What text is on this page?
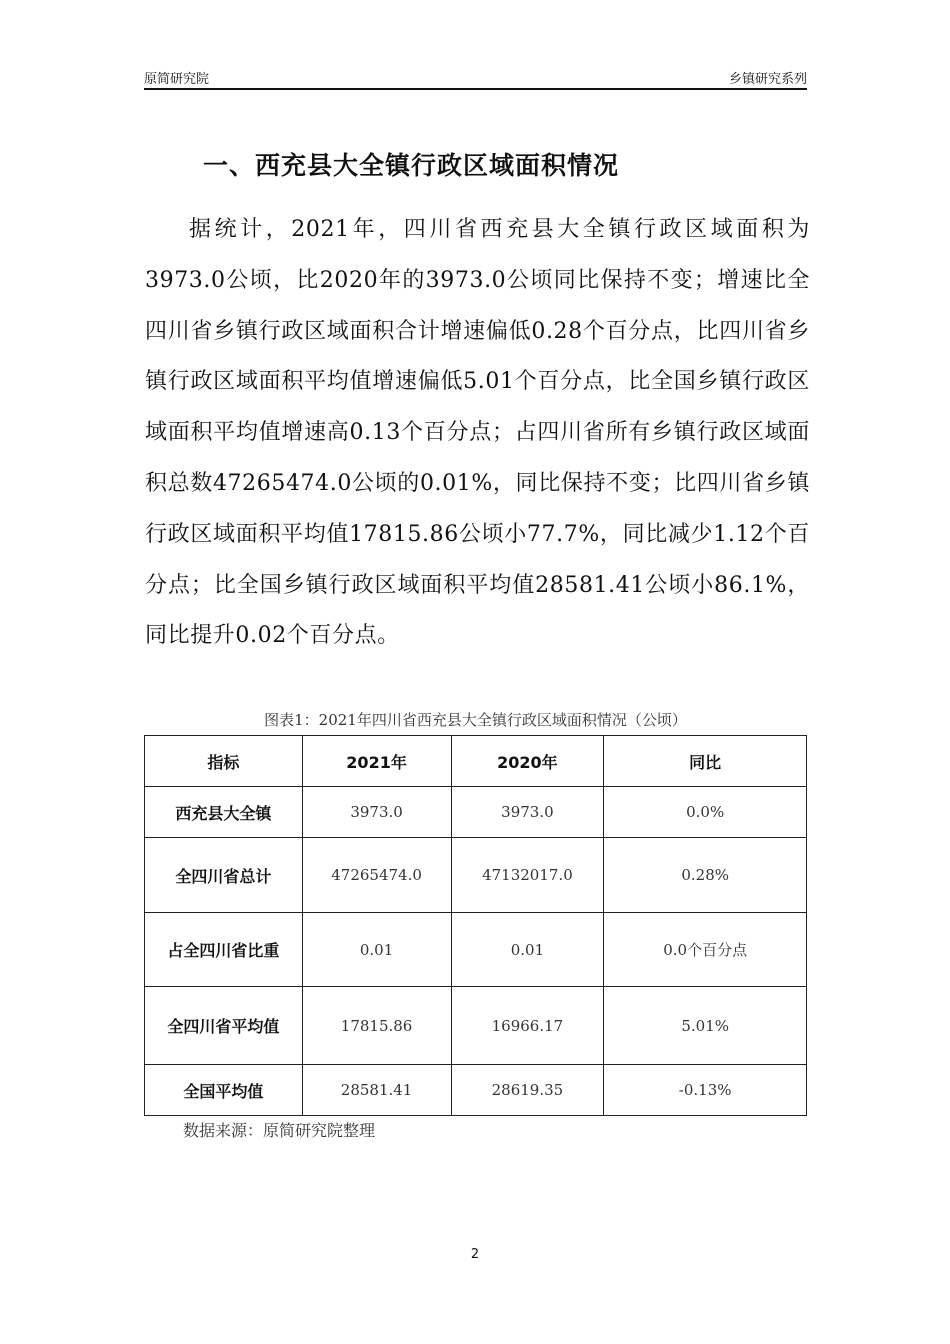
原简研究院	乡镇研究系列
一、西充县大全镇行政区域面积情况
据统计，2021年，四川省西充县大全镇行政区域面积为3973.0公顷，比2020年的3973.0公顷同比保持不变；增速比全四川省乡镇行政区域面积合计增速偏低0.28个百分点，比四川省乡镇行政区域面积平均值增速偏低5.01个百分点，比全国乡镇行政区域面积平均值增速高0.13个百分点；占四川省所有乡镇行政区域面积总数47265474.0公顷的0.01%，同比保持不变；比四川省乡镇行政区域面积平均值17815.86公顷小77.7%，同比减少1.12个百分点；比全国乡镇行政区域面积平均值28581.41公顷小86.1%，同比提升0.02个百分点。
图表1：2021年四川省西充县大全镇行政区域面积情况（公顷）
指标	2021年	2020年	同比
西充县大全镇	3973.0	3973.0	0.0%
全四川省总计	47265474.0	47132017.0	0.28%
占全四川省比重	0.01	0.01	0.0个百分点
全四川省平均值	17815.86	16966.17	5.01%
全国平均值	28581.41	28619.35	-0.13%
数据来源：原简研究院整理
2
